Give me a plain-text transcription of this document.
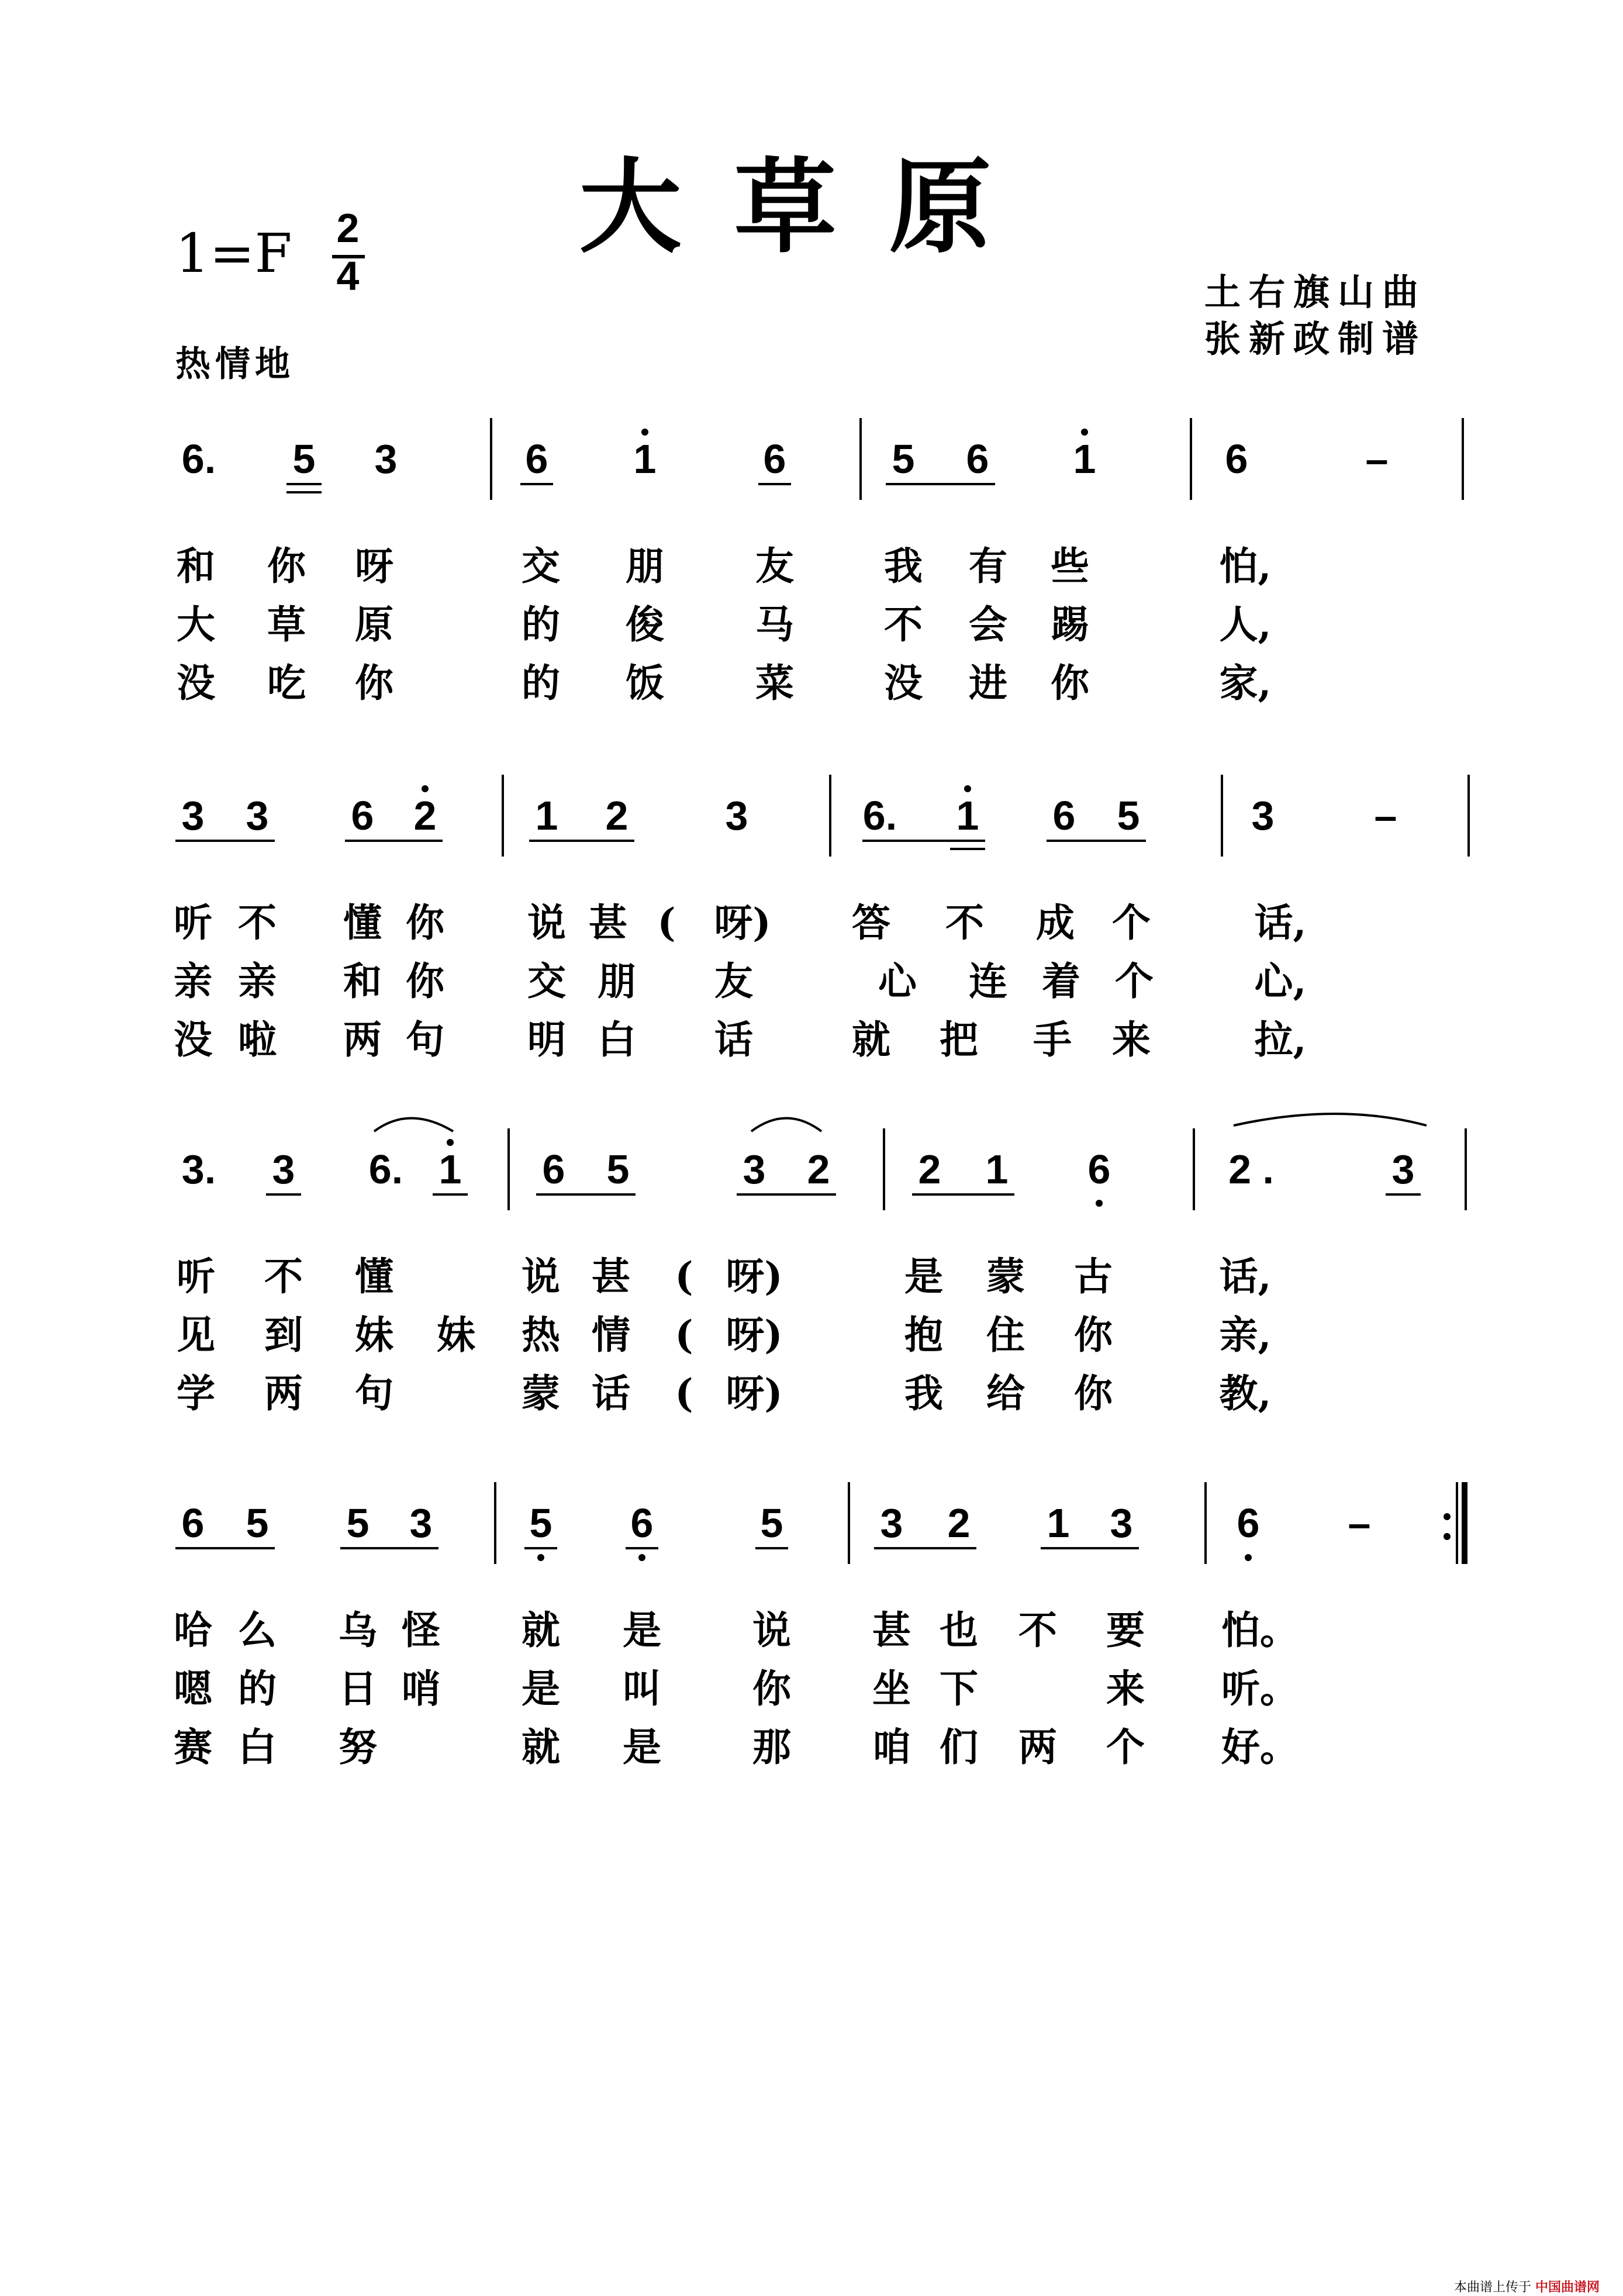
大草原
1=F 2
4	土右旗山曲
张新政制谱
热情地
6. 5 3	6 1	6	5 6 1	6	–
和 你 呀	交 朋 友 我 有 些	怕,
大 草 原	的 俊 马 不 会 踢	人,
没 吃 你	的 饭 菜 没 进 你	家,
3 3 6 2 1 2 3	6. 1 6 5	3 –
听 不 懂 你 说 甚 ( 呀) 答 不 成 个	话,
亲 亲 和 你 交 朋 友	心 连 着 个	心,
没 啦 两 句 明 白 话	就 把 手 来	拉,
3. 3 6. 1 6 5	3 2 2 1 6	2 .	3
听 不 懂	说 甚 ( 呀)	是 蒙 古	话,
见 到 妹 妹 热 情 ( 呀)	抱 住 你	亲,
学 两 句	蒙 话 ( 呀)	我 给 你	教,
6 5 5 3 5 6	5 3 2 1 3	6 –
哈 么 乌 怪 就 是 说 甚 也 不 要 怕。
嗯 的 日 哨 是 叫 你 坐 下	来 听。
赛 白 努	就 是 那 咱 们 两 个 好。
本曲谱上传于 中国曲谱网
